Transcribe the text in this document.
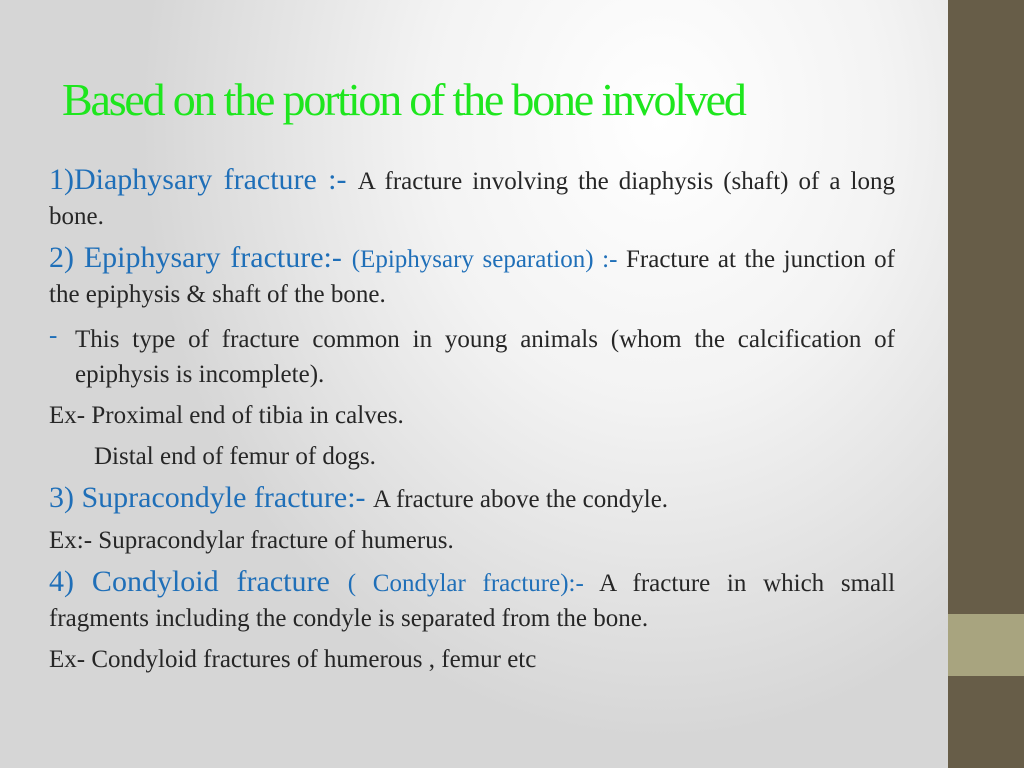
Based on the portion of the bone involved

1)Diaphysary fracture :- A fracture involving the diaphysis (shaft) of a long bone.

2) Epiphysary fracture:- (Epiphysary separation) :- Fracture at the junction of the epiphysis & shaft of the bone.

- This type of fracture common in young animals (whom the calcification of epiphysis is incomplete).

Ex- Proximal end of tibia in calves.

Distal end of femur of dogs.

3) Supracondyle fracture:- A fracture above the condyle.

Ex:- Supracondylar fracture of humerus.

4) Condyloid fracture ( Condylar fracture):- A fracture in which small fragments including the condyle is separated from the bone.

Ex- Condyloid fractures of humerous , femur etc
